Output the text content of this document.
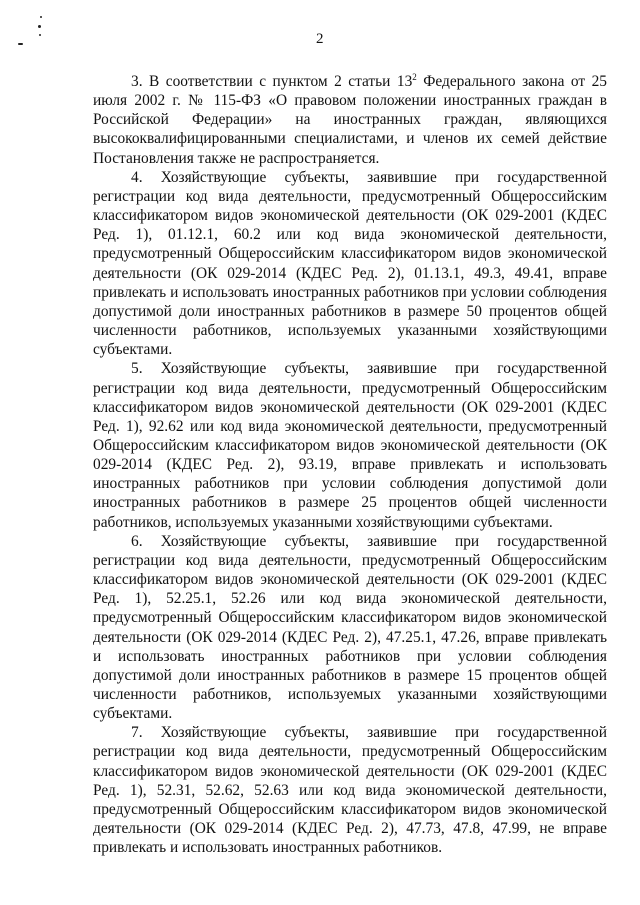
2

3. В соответствии с пунктом 2 статьи $13^2$ Федерального закона от 25 июля 2002 г. № 115-ФЗ «О правовом положении иностранных граждан в Российской Федерации» на иностранных граждан, являющихся высококвалифицированными специалистами, и членов их семей действие Постановления также не распространяется.

4. Хозяйствующие субъекты, заявившие при государственной регистрации код вида деятельности, предусмотренный Общероссийским классификатором видов экономической деятельности (ОК 029-2001 (КДЕС Ред. 1), 01.12.1, 60.2 или код вида экономической деятельности, предусмотренный Общероссийским классификатором видов экономической деятельности (ОК 029-2014 (КДЕС Ред. 2), 01.13.1, 49.3, 49.41, вправе привлекать и использовать иностранных работников при условии соблюдения допустимой доли иностранных работников в размере 50 процентов общей численности работников, используемых указанными хозяйствующими субъектами.

5. Хозяйствующие субъекты, заявившие при государственной регистрации код вида деятельности, предусмотренный Общероссийским классификатором видов экономической деятельности (ОК 029-2001 (КДЕС Ред. 1), 92.62 или код вида экономической деятельности, предусмотренный Общероссийским классификатором видов экономической деятельности (ОК 029-2014 (КДЕС Ред. 2), 93.19, вправе привлекать и использовать иностранных работников при условии соблюдения допустимой доли иностранных работников в размере 25 процентов общей численности работников, используемых указанными хозяйствующими субъектами.

6. Хозяйствующие субъекты, заявившие при государственной регистрации код вида деятельности, предусмотренный Общероссийским классификатором видов экономической деятельности (ОК 029-2001 (КДЕС Ред. 1), 52.25.1, 52.26 или код вида экономической деятельности, предусмотренный Общероссийским классификатором видов экономической деятельности (ОК 029-2014 (КДЕС Ред. 2), 47.25.1, 47.26, вправе привлекать и использовать иностранных работников при условии соблюдения допустимой доли иностранных работников в размере 15 процентов общей численности работников, используемых указанными хозяйствующими субъектами.

7. Хозяйствующие субъекты, заявившие при государственной регистрации код вида деятельности, предусмотренный Общероссийским классификатором видов экономической деятельности (ОК 029-2001 (КДЕС Ред. 1), 52.31, 52.62, 52.63 или код вида экономической деятельности, предусмотренный Общероссийским классификатором видов экономической деятельности (ОК 029-2014 (КДЕС Ред. 2), 47.73, 47.8, 47.99, не вправе привлекать и использовать иностранных работников.
